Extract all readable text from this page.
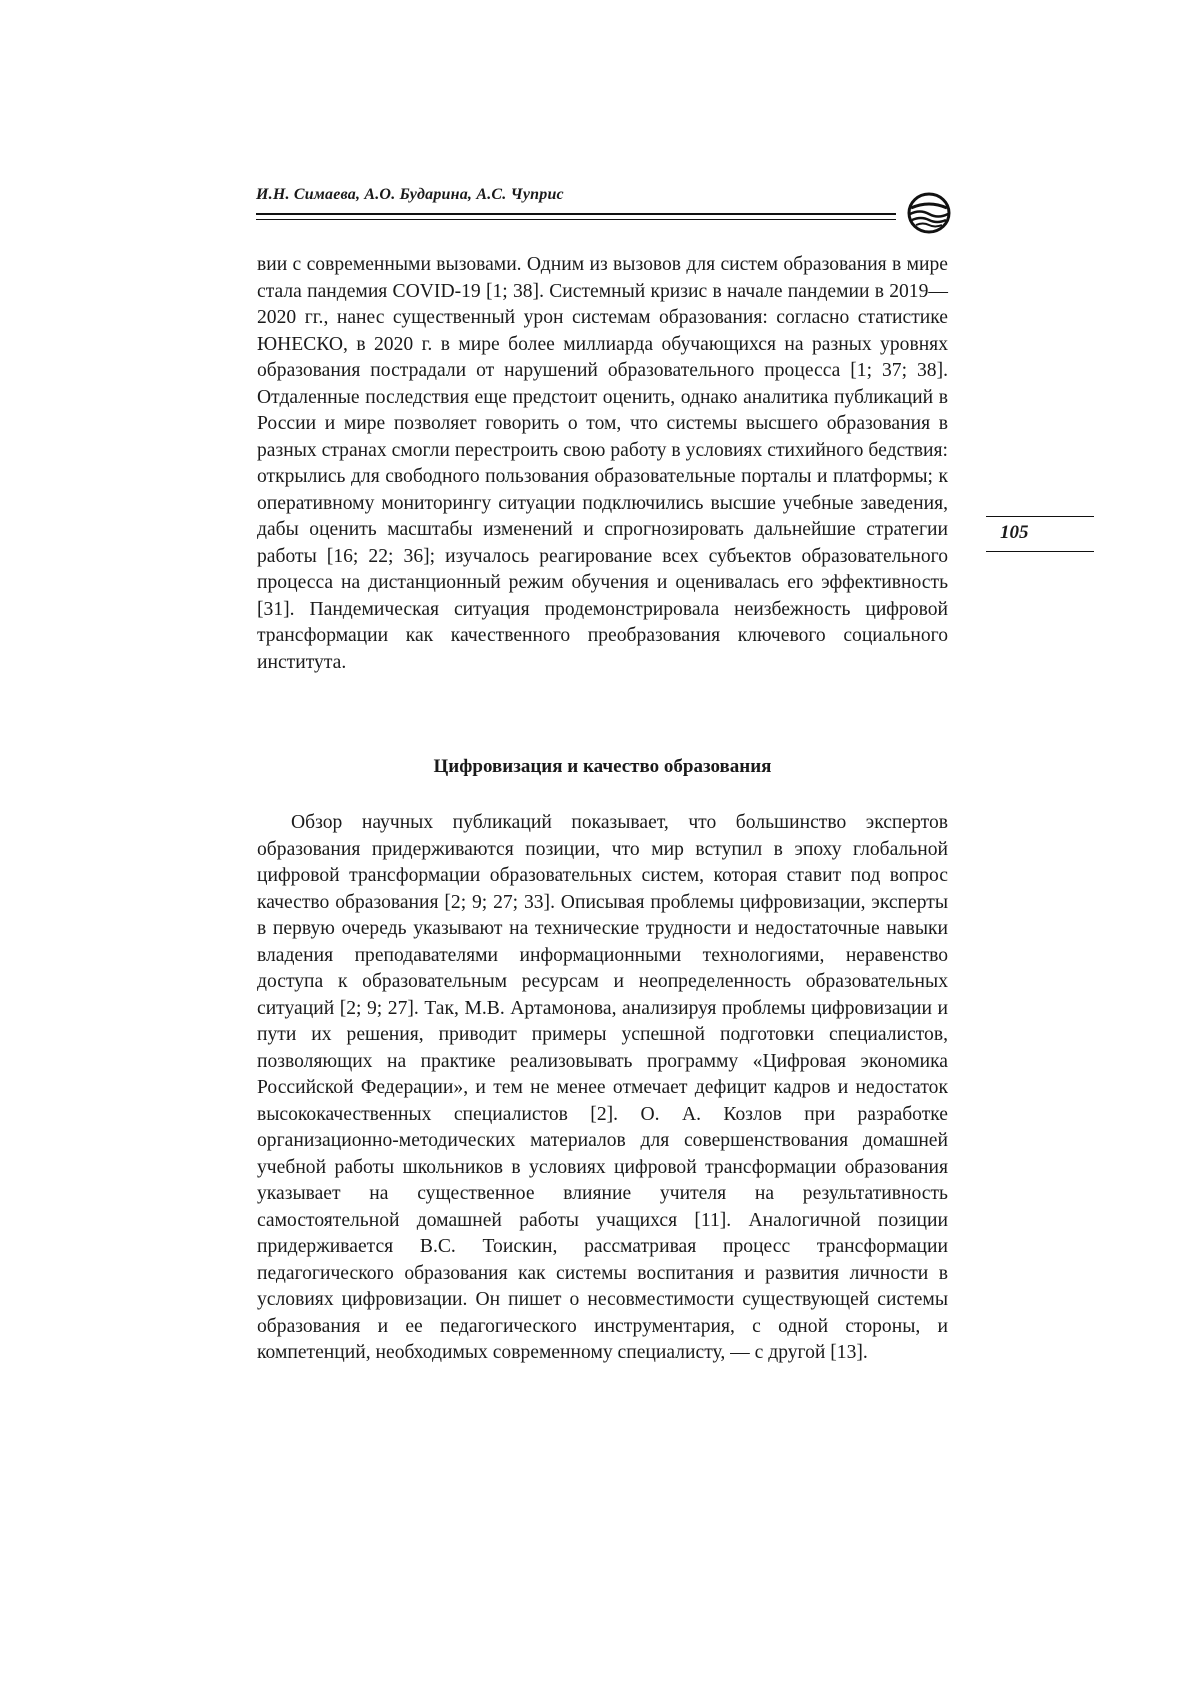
И.Н. Симаева, А.О. Бударина, А.С. Чуприс
105

вии с современными вызовами. Одним из вызовов для систем образования в мире стала пандемия COVID-19 [1; 38]. Системный кризис в начале пандемии в 2019—2020 гг., нанес существенный урон системам образования: согласно статистике ЮНЕСКО, в 2020 г. в мире более миллиарда обучающихся на разных уровнях образования пострадали от нарушений образовательного процесса [1; 37; 38]. Отдаленные последствия еще предстоит оценить, однако аналитика публикаций в России и мире позволяет говорить о том, что системы высшего образования в разных странах смогли перестроить свою работу в условиях стихийного бедствия: открылись для свободного пользования образовательные порталы и платформы; к оперативному мониторингу ситуации подключились высшие учебные заведения, дабы оценить масштабы изменений и спрогнозировать дальнейшие стратегии работы [16; 22; 36]; изучалось реагирование всех субъектов образовательного процесса на дистанционный режим обучения и оценивалась его эффективность [31]. Пандемическая ситуация продемонстрировала неизбежность цифровой трансформации как качественного преобразования ключевого социального института.

Цифровизация и качество образования

Обзор научных публикаций показывает, что большинство экспертов образования придерживаются позиции, что мир вступил в эпоху глобальной цифровой трансформации образовательных систем, которая ставит под вопрос качество образования [2; 9; 27; 33]. Описывая проблемы цифровизации, эксперты в первую очередь указывают на технические трудности и недостаточные навыки владения преподавателями информационными технологиями, неравенство доступа к образовательным ресурсам и неопределенность образовательных ситуаций [2; 9; 27]. Так, М.В. Артамонова, анализируя проблемы цифровизации и пути их решения, приводит примеры успешной подготовки специалистов, позволяющих на практике реализовывать программу «Цифровая экономика Российской Федерации», и тем не менее отмечает дефицит кадров и недостаток высококачественных специалистов [2]. О. А. Козлов при разработке организационно-методических материалов для совершенствования домашней учебной работы школьников в условиях цифровой трансформации образования указывает на существенное влияние учителя на результативность самостоятельной домашней работы учащихся [11]. Аналогичной позиции придерживается В.С. Тоискин, рассматривая процесс трансформации педагогического образования как системы воспитания и развития личности в условиях цифровизации. Он пишет о несовместимости существующей системы образования и ее педагогического инструментария, с одной стороны, и компетенций, необходимых современному специалисту, — с другой [13].
